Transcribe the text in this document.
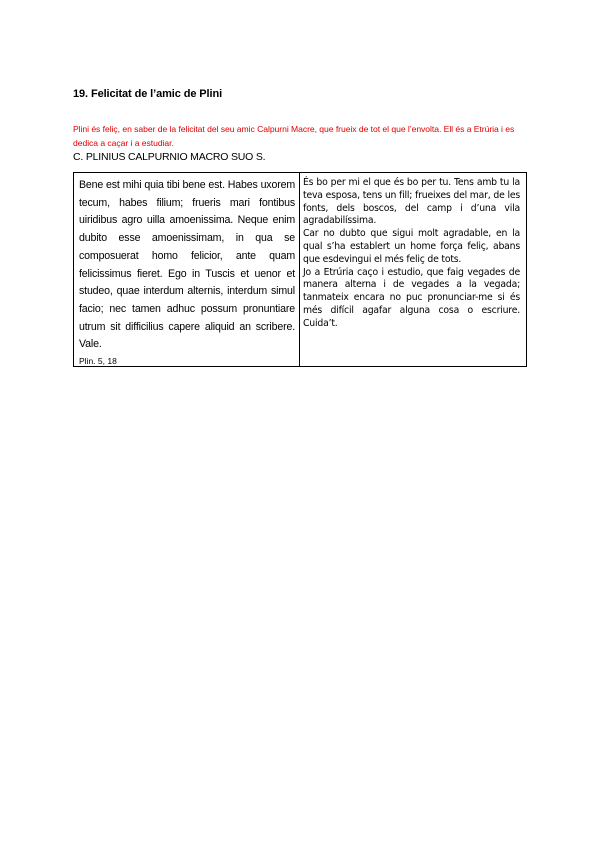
19. Felicitat de l’amic de Plini
Plini és feliç, en saber de la felicitat del seu amic Calpurni Macre, que frueix de tot el que l’envolta. Ell és a Etrúria i es dedica a caçar i a estudiar.
C. PLINIUS CALPURNIO MACRO SUO S.
Bene est mihi quia tibi bene est. Habes uxorem tecum, habes filium; frueris mari fontibus uiridibus agro uilla amoenissima. Neque enim dubito esse amoenissimam, in qua se composuerat homo felicior, ante quam felicissimus fieret. Ego in Tuscis et uenor et studeo, quae interdum alternis, interdum simul facio; nec tamen adhuc possum pronuntiare utrum sit difficilius capere aliquid an scribere. Vale.
Plin. 5, 18

És bo per mi el que és bo per tu. Tens amb tu la teva esposa, tens un fill; frueixes del mar, de les fonts, dels boscos, del camp i d’una vila agradabilíssima.

Car no dubto que sigui molt agradable, en la qual s’ha establert un home força feliç, abans que esdevingui el més feliç de tots.

Jo a Etrúria caço i estudio, que faig vegades de manera alterna i de vegades a la vegada; tanmateix encara no puc pronunciar-me si és més difícil agafar alguna cosa o escriure. Cuida’t.
